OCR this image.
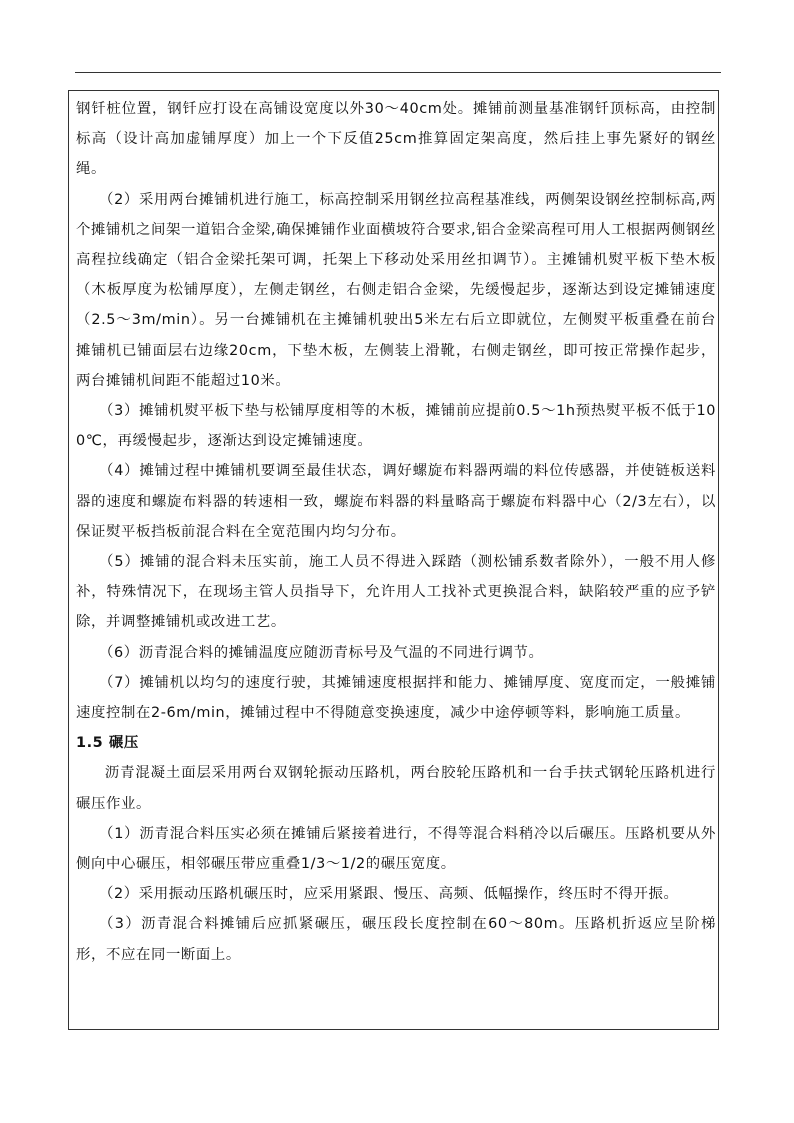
钢钎桩位置，钢钎应打设在高铺设宽度以外30～40cm处。摊铺前测量基准钢钎顶标高，由控制标高（设计高加虚铺厚度）加上一个下反值25cm推算固定架高度，然后挂上事先紧好的钢丝绳。

（2）采用两台摊铺机进行施工，标高控制采用钢丝拉高程基准线，两侧架设钢丝控制标高,两个摊铺机之间架一道铝合金梁,确保摊铺作业面横坡符合要求,铝合金梁高程可用人工根据两侧钢丝高程拉线确定（铝合金梁托架可调，托架上下移动处采用丝扣调节）。主摊铺机熨平板下垫木板（木板厚度为松铺厚度），左侧走钢丝，右侧走铝合金梁，先缓慢起步，逐渐达到设定摊铺速度（2.5～3m/min）。另一台摊铺机在主摊铺机驶出5米左右后立即就位，左侧熨平板重叠在前台摊铺机已铺面层右边缘20cm，下垫木板，左侧装上滑靴，右侧走钢丝，即可按正常操作起步，两台摊铺机间距不能超过10米。

（3）摊铺机熨平板下垫与松铺厚度相等的木板，摊铺前应提前0.5～1h预热熨平板不低于100℃，再缓慢起步，逐渐达到设定摊铺速度。

（4）摊铺过程中摊铺机要调至最佳状态，调好螺旋布料器两端的料位传感器，并使链板送料器的速度和螺旋布料器的转速相一致，螺旋布料器的料量略高于螺旋布料器中心（2/3左右），以保证熨平板挡板前混合料在全宽范围内均匀分布。

（5）摊铺的混合料未压实前，施工人员不得进入踩踏（测松铺系数者除外），一般不用人修补，特殊情况下，在现场主管人员指导下，允许用人工找补式更换混合料，缺陷较严重的应予铲除，并调整摊铺机或改进工艺。

（6）沥青混合料的摊铺温度应随沥青标号及气温的不同进行调节。

（7）摊铺机以均匀的速度行驶，其摊铺速度根据拌和能力、摊铺厚度、宽度而定，一般摊铺速度控制在2-6m/min，摊铺过程中不得随意变换速度，减少中途停顿等料，影响施工质量。

1.5 碾压

沥青混凝土面层采用两台双钢轮振动压路机，两台胶轮压路机和一台手扶式钢轮压路机进行碾压作业。

（1）沥青混合料压实必须在摊铺后紧接着进行，不得等混合料稍冷以后碾压。压路机要从外侧向中心碾压，相邻碾压带应重叠1/3～1/2的碾压宽度。

（2）采用振动压路机碾压时，应采用紧跟、慢压、高频、低幅操作，终压时不得开振。

（3）沥青混合料摊铺后应抓紧碾压，碾压段长度控制在60～80m。压路机折返应呈阶梯形，不应在同一断面上。
